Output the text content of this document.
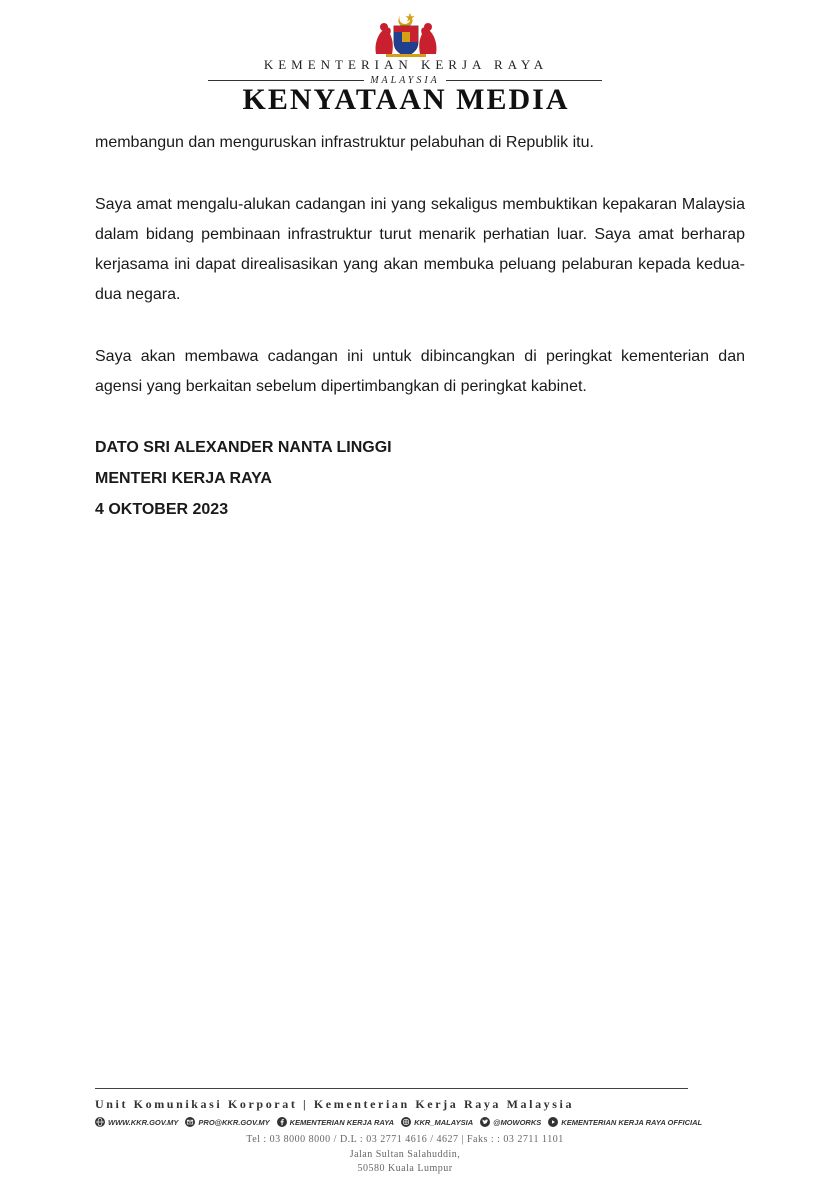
KEMENTERIAN KERJA RAYA
MALAYSIA
KENYATAAN MEDIA

membangun dan menguruskan infrastruktur pelabuhan di Republik itu.

Saya amat mengalu-alukan cadangan ini yang sekaligus membuktikan kepakaran Malaysia dalam bidang pembinaan infrastruktur turut menarik perhatian luar. Saya amat berharap kerjasama ini dapat direalisasikan yang akan membuka peluang pelaburan kepada kedua-dua negara.

Saya akan membawa cadangan ini untuk dibincangkan di peringkat kementerian dan agensi yang berkaitan sebelum dipertimbangkan di peringkat kabinet.

DATO SRI ALEXANDER NANTA LINGGI
MENTERI KERJA RAYA
4 OKTOBER 2023
Unit Komunikasi Korporat | Kementerian Kerja Raya Malaysia
WWW.KKR.GOV.MY	PRO@KKR.GOV.MY	KEMENTERIAN KERJA RAYA	KKR_MALAYSIA	@MOWORKS	KEMENTERIAN KERJA RAYA OFFICIAL
Tel : 03 8000 8000 / D.L : 03 2771 4616 / 4627 | Faks : : 03 2711 1101
Jalan Sultan Salahuddin,
50580 Kuala Lumpur
